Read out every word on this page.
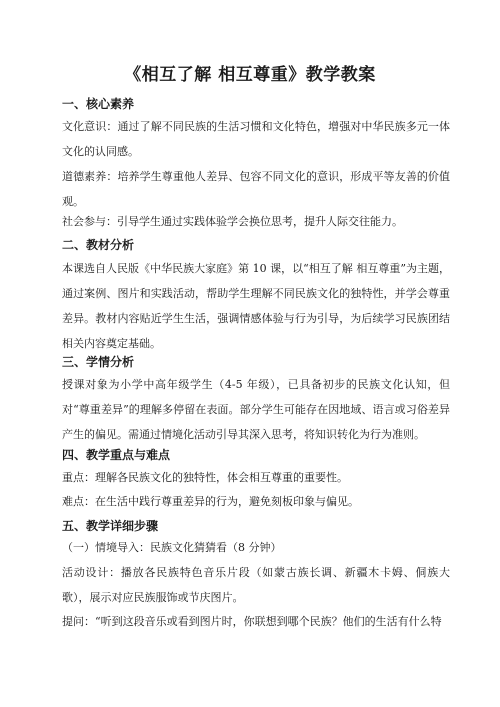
《相互了解 相互尊重》教学教案
一、核心素养
文化意识：通过了解不同民族的生活习惯和文化特色，增强对中华民族多元一体文化的认同感。
道德素养：培养学生尊重他人差异、包容不同文化的意识，形成平等友善的价值观。
社会参与：引导学生通过实践体验学会换位思考，提升人际交往能力。
二、教材分析
本课选自人民版《中华民族大家庭》第 10 课，以“相互了解 相互尊重”为主题，通过案例、图片和实践活动，帮助学生理解不同民族文化的独特性，并学会尊重差异。教材内容贴近学生生活，强调情感体验与行为引导，为后续学习民族团结相关内容奠定基础。
三、学情分析
授课对象为小学中高年级学生（4-5 年级），已具备初步的民族文化认知，但对“尊重差异”的理解多停留在表面。部分学生可能存在因地域、语言或习俗差异产生的偏见。需通过情境化活动引导其深入思考，将知识转化为行为准则。
四、教学重点与难点
重点：理解各民族文化的独特性，体会相互尊重的重要性。
难点：在生活中践行尊重差异的行为，避免刻板印象与偏见。
五、教学详细步骤
（一）情境导入：民族文化猜猜看（8 分钟）
活动设计：播放各民族特色音乐片段（如蒙古族长调、新疆木卡姆、侗族大歌），展示对应民族服饰或节庆图片。
提问：“听到这段音乐或看到图片时，你联想到哪个民族？他们的生活有什么特
